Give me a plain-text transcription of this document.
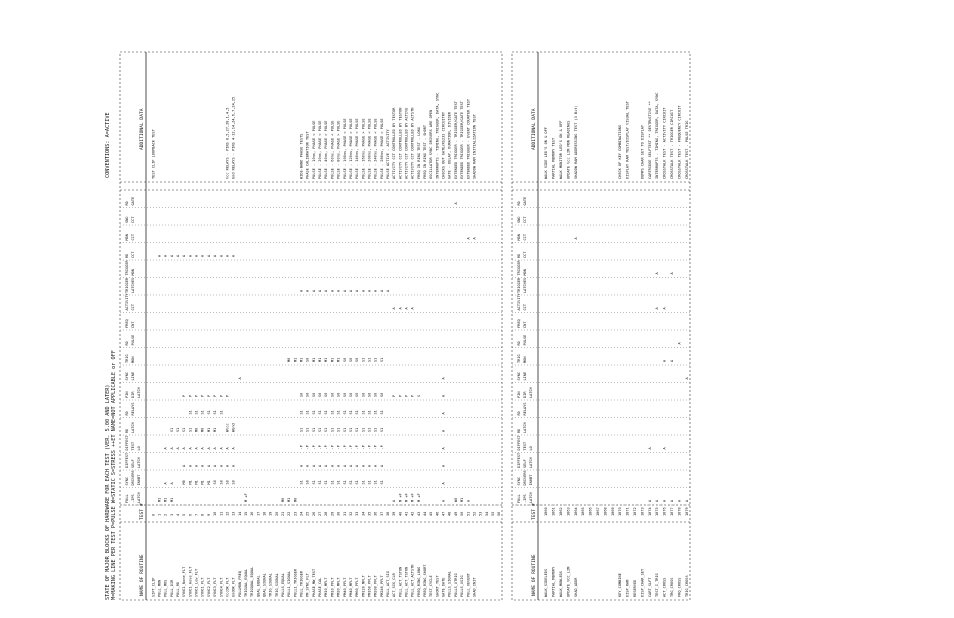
STATE OF MAJOR BLOCKS OF HARDWARE FOR EACH TEST (VER. 5.00 AND LATER) M=MAKING LINE PER TEST P=PULSE W=STATIC S=STRESS ++ET NAME=NOT APPLICABLE or OFF
CONVENTIONS: A=ACTIVE
NAME OF ROUTINE
TEST #
ADDITIONAL DATA
FULL -IPS LATCH
SYNC DRIVERS INHBT
DIFFEST SELF LATCH
DIFFEST TEST LO
RD LATCH
RD RELAYS
PIN DIR LATCH
SYNC LINE
TRIG MON
RD PULSE
FREQ CNT
ACTIVITY CCT
TRIGGER LATCHES
TRIGGER MON
RD CCT
MON CCT
SND CCT
RD GATE
SIFT_CLIP
0
TEST CLIP LOOPBACK TEST
PULL_MON
1
M1
A
PULL_MOS
2
M1
A
A
A
PULL_DIR
3
M1
A
A
S1
A
PULL_RD
4
A
S1
A
SYNC1_None_FLT
5
M0
A
A
S1
P
A
SYNC1_Hove_FLT
6
M1
A
A
S1
S1
P
A
SYNC1_Low_FLT
7
M1
A
A
M0
S1
P
A
SYNC1_FLT
8
M1
A
A
M0
S1
P
A
SYNC2_FLT
9
M1
A
A
M1
S1
P
A
SYNC3_FLT
10
S0
A
A
M1
S1
P
A
SYNC4_FLT
11
S0
A
A
S1
P
A
VccOK_FLT
12
S0
A
A
WVcc
P
A
Vcc RELAYS - PINS 8,5,27,28,1,4,5
GndOK_FLT
13
S0
A
A
WGnd
A
Gnd RELAYS - PINS 4-12,14,24,6,7,24,25
PULLMON_FREQ
14
A
TRIGUAL_EQUAL
15
M +F
TRIGQUAL_EQUAL
16
QUAL_EQUAL
17
QUAL_SIGNAL
18
TRIG_SIGNAL
19
TRIG_SIGNAL
20
PULLS_EQUAL
21
M0
PULL1_SIGNAL
22
M1
M0
PULL1_TRIGGER
23
M0
M1
PULL_TRIGGER
24
S1
A
-P
S1
S1
S0
M1
A
WIDE-BAND PHASE TESTS
PM_SYNC_FLT
25
S0
A
-P
S1
S1
S0
S0
A
PHASE CALIBRATION TEST
PHASE_MW_TEST
26
S1
A
-P
S1
S1
S0
M1
A
PULSE - 10ns, PHASE < PULSE
PHASE_CAL
27
S1
A
-P
S1
S1
S0
M1
A
PULSE - 20ns, PHASE < PULSE
PM10_MFLT
28
S1
A
-P
S1
S1
S0
M1
A
PULSE - 40ns, PHASE > PULSE
PM10_PFLT
29
S1
A
-P
S1
S1
S0
M1
A
PULSE - 60ns, PHASE < PULSE
PM20_MFLT
30
S1
A
-P
S1
S1
S0
M1
A
PULSE - 80ns, PHASE > PULSE
PM40_PFLT
31
S1
A
-P
S1
S1
S0
S0
A
PULSE - 100ns, PHASE < PULSE
PM40_MFLT
32
S1
A
-P
S1
S1
S0
S0
A
PULSE - 120ns, PHASE > PULSE
PM60_PFLT
33
S1
A
-P
S1
S1
S0
S0
A
PULSE - 140ns, PHASE < PULSE
PM120_MFLT
34
S1
A
-P
S1
S1
S0
S1
A
PULSE - 160ns, PHASE > PULSE
PM160_PFLT
35
S1
A
-P
S1
S1
S0
S1
A
PULSE - 200ns, PHASE < PULSE
PM200_PFLT
36
S1
A
-P
S1
S1
S0
S1
A
PULSE - 240ns, PHASE < PULSE
PM240_PFLT
37
S1
A
-P
S1
S1
S0
S1
A
PULSE - 280ns, PHASE > PULSE
PULL_ACT_SIG
38
A
PULSE ACTIVE - ACTIVITY
ACT_SIG_CLR
39
A
P
A
ACTIVITY CCT CONTROLLED BY TESTOR
PULL_ACT_TSTON
40
M +F
P
A
ACTIVITY CCT CONTROLLED BY TESTON
PULL_ACT_TSTON
41
M +F
P
A
ACTIVITY CCT CONTROLLED BY ACTIVE
PULL_ACT_ACTSTN
42
M +F
P
A
ACTIVITY CCT CONTROLLED BY ACTSTN
FREQ_RING_LONG
43
M +F
S
FREQ IN RING TEST - LONG
FREQ_RING_SHORT
44
FREQ IN RING TEST - SHORT
TEST_CYCLE
45
OSCILLATOR SYNC DRIVERS ARE OPEN
SHORT_TEST
46
INTERRUPTS - TIMING, TRIGGER, DATA, SYNC
GATE_DATE
47
A
A
A
A
A
A
A
A
CHECKS OUT GATE/RS232 CIRCUITRY
PULLS_SIGNAL
48
GATE - DELAY, DURATION, DIVIDER
PULLS_XTRIG
49
W0
A
EXTENDED TRIGGER - TRIGGER/GATE TEST
PULLS_XSIG
50
M1
EXTENDED TRIGGER - TRIGGER/GATE TEST
PULL_XEVENT
51
A
A
EXTENDED TRIGGER - EVENT COUNTER TEST
SHAD_INIT
52
A
SHADOW RAM INITIALIZATION TEST
53 54 55 56
NAME OF ROUTINE
TEST #
ADDITIONAL DATA
FULL -IPS LATCH
SYNC DRIVERS INHBT
DIFFEST SELF LATCH
DIFFEST TEST LO
RD LATCH
RD RELAYS
PIN DIR LATCH
SYNC LINE
TRIG MON
RD PULSE
FREQ CNT
ACTIVITY CCT
TRIGGER LATCHES
TRIGGER MON
RD CCT
MON CCT
SND CCT
RD GATE
WALK_SIDELEDS
1860
WALK SIDE LED'S ON & OFF
PARTIAL_MEMORY
1861
PARTIAL MEMORY TEST
WALK_MONLEDS
1862
WALK MONITOR LED'S ON & OFF
UPDATE_VCC_LIM
1863
UPDATE Vcc LIM MON READINGS
SHAD_ADDR
1864
A
SHADOW RAM ADDRESSING TEST (3 Bit)
1865 1866 1867 1868 1869
KEY_COMBINE
1870
CHECK OF KEY COMBINATIONS
DISP_RAM
1871
DISPLAY RAM TEST/DISPLAY VISUAL TEST
RESERVED
1872
DISP_CHAR_SET
1873
DUMPS CHAR SET TO DISPLAY
CART_SLFT
1874
A
A
CARTRIDGE SELFTEST ** DESTRUCTIVE **
TEST_I_TRIG
1875
A
A
A
INTERRUPTS - TIMING, TRIGGER, DATA, SYNC
ACT_CROSS
1876
A
A
A
A
CROSSTALK TEST - ACTIVITY CIRCUIT
TRG_CROSS
1877
A
A
A
CROSSTALK TEST - TRIGGER CIRCUIT
FRQ_CROSS
1878
A
A
CROSSTALK TEST - FREQUENCY CIRCUIT
TRIG_CROSS
1879
A
A
CROSSTALK TEST - PULSE TRIG
